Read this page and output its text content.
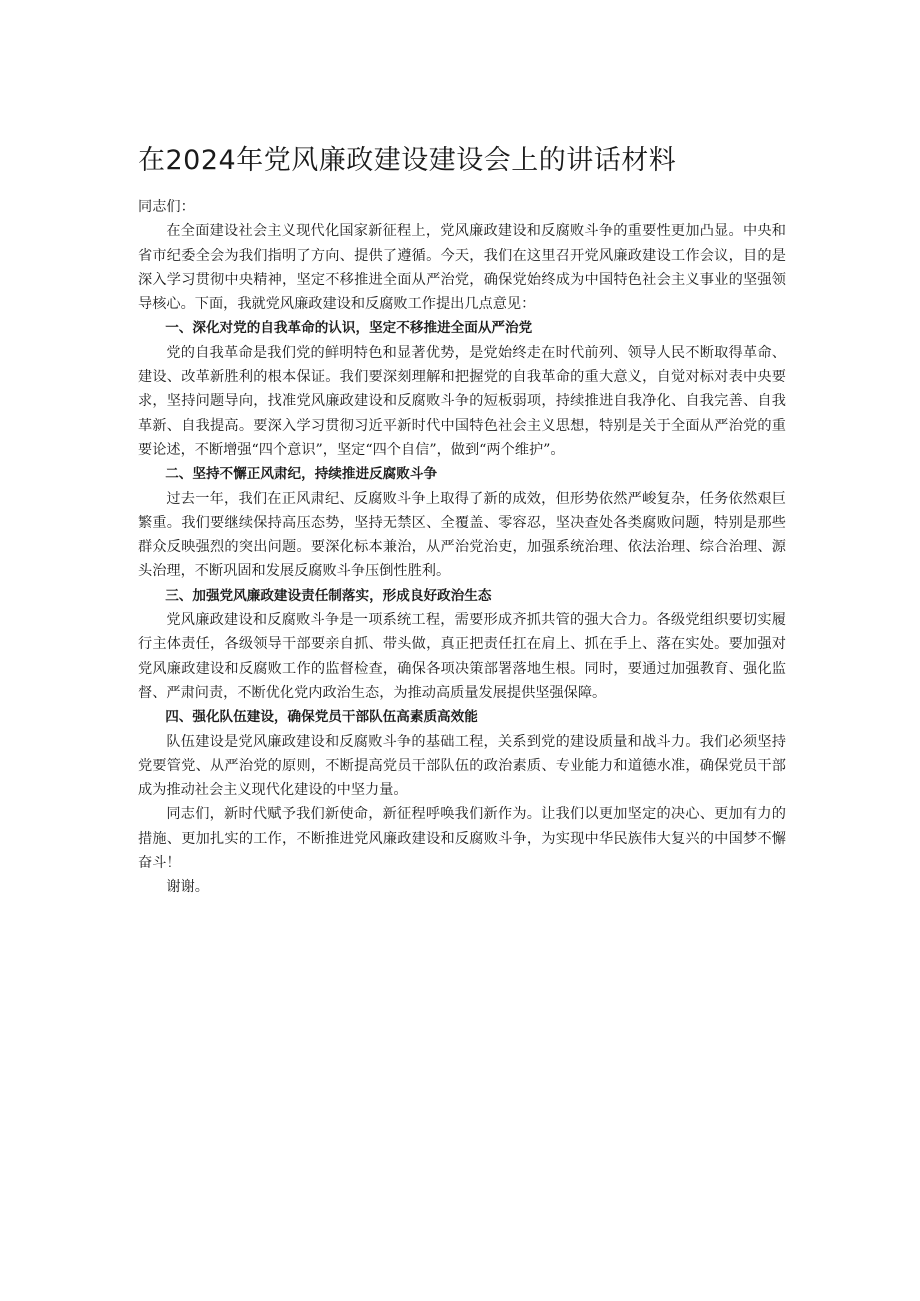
在2024年党风廉政建设建设会上的讲话材料

同志们：

在全面建设社会主义现代化国家新征程上，党风廉政建设和反腐败斗争的重要性更加凸显。中央和省市纪委全会为我们指明了方向、提供了遵循。今天，我们在这里召开党风廉政建设工作会议，目的是深入学习贯彻中央精神，坚定不移推进全面从严治党，确保党始终成为中国特色社会主义事业的坚强领导核心。下面，我就党风廉政建设和反腐败工作提出几点意见：

一、深化对党的自我革命的认识，坚定不移推进全面从严治党

党的自我革命是我们党的鲜明特色和显著优势，是党始终走在时代前列、领导人民不断取得革命、建设、改革新胜利的根本保证。我们要深刻理解和把握党的自我革命的重大意义，自觉对标对表中央要求，坚持问题导向，找准党风廉政建设和反腐败斗争的短板弱项，持续推进自我净化、自我完善、自我革新、自我提高。要深入学习贯彻习近平新时代中国特色社会主义思想，特别是关于全面从严治党的重要论述，不断增强“四个意识”，坚定“四个自信”，做到“两个维护”。

二、坚持不懈正风肃纪，持续推进反腐败斗争

过去一年，我们在正风肃纪、反腐败斗争上取得了新的成效，但形势依然严峻复杂，任务依然艰巨繁重。我们要继续保持高压态势，坚持无禁区、全覆盖、零容忍，坚决查处各类腐败问题，特别是那些群众反映强烈的突出问题。要深化标本兼治，从严治党治吏，加强系统治理、依法治理、综合治理、源头治理，不断巩固和发展反腐败斗争压倒性胜利。

三、加强党风廉政建设责任制落实，形成良好政治生态

党风廉政建设和反腐败斗争是一项系统工程，需要形成齐抓共管的强大合力。各级党组织要切实履行主体责任，各级领导干部要亲自抓、带头做，真正把责任扛在肩上、抓在手上、落在实处。要加强对党风廉政建设和反腐败工作的监督检查，确保各项决策部署落地生根。同时，要通过加强教育、强化监督、严肃问责，不断优化党内政治生态，为推动高质量发展提供坚强保障。

四、强化队伍建设，确保党员干部队伍高素质高效能

队伍建设是党风廉政建设和反腐败斗争的基础工程，关系到党的建设质量和战斗力。我们必须坚持党要管党、从严治党的原则，不断提高党员干部队伍的政治素质、专业能力和道德水准，确保党员干部成为推动社会主义现代化建设的中坚力量。

同志们，新时代赋予我们新使命，新征程呼唤我们新作为。让我们以更加坚定的决心、更加有力的措施、更加扎实的工作，不断推进党风廉政建设和反腐败斗争，为实现中华民族伟大复兴的中国梦不懈奋斗！

谢谢。
